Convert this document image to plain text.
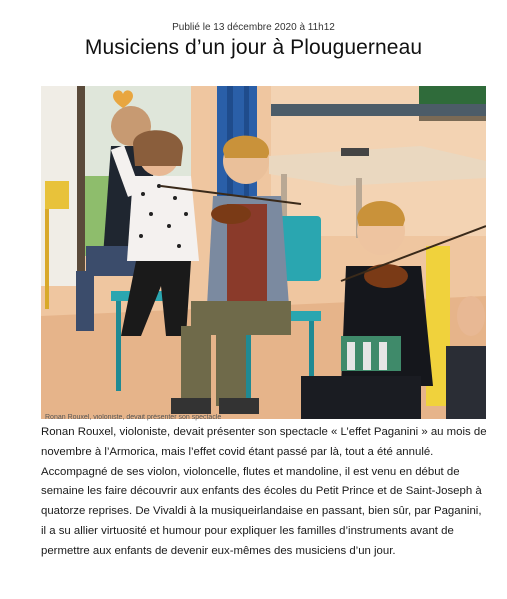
Publié le 13 décembre 2020 à 11h12
Musiciens d’un jour à Plouguerneau
Ronan Rouxel, violoniste, devait présenter son spectacle

Ronan Rouxel, violoniste, devait présenter son spectacle « L’effet Paganini » au mois de novembre à l’Armorica, mais l’effet covid étant passé par là, tout a été annulé. Accompagné de ses violon, violoncelle, flutes et mandoline, il est venu en début de semaine les faire découvrir aux enfants des écoles du Petit Prince et de Saint-Joseph à quatorze reprises. De Vivaldi à la musiqueirlandaise en passant, bien sûr, par Paganini, il a su allier virtuosité et humour pour expliquer les familles d’instruments avant de permettre aux enfants de devenir eux-mêmes des musiciens d’un jour.
